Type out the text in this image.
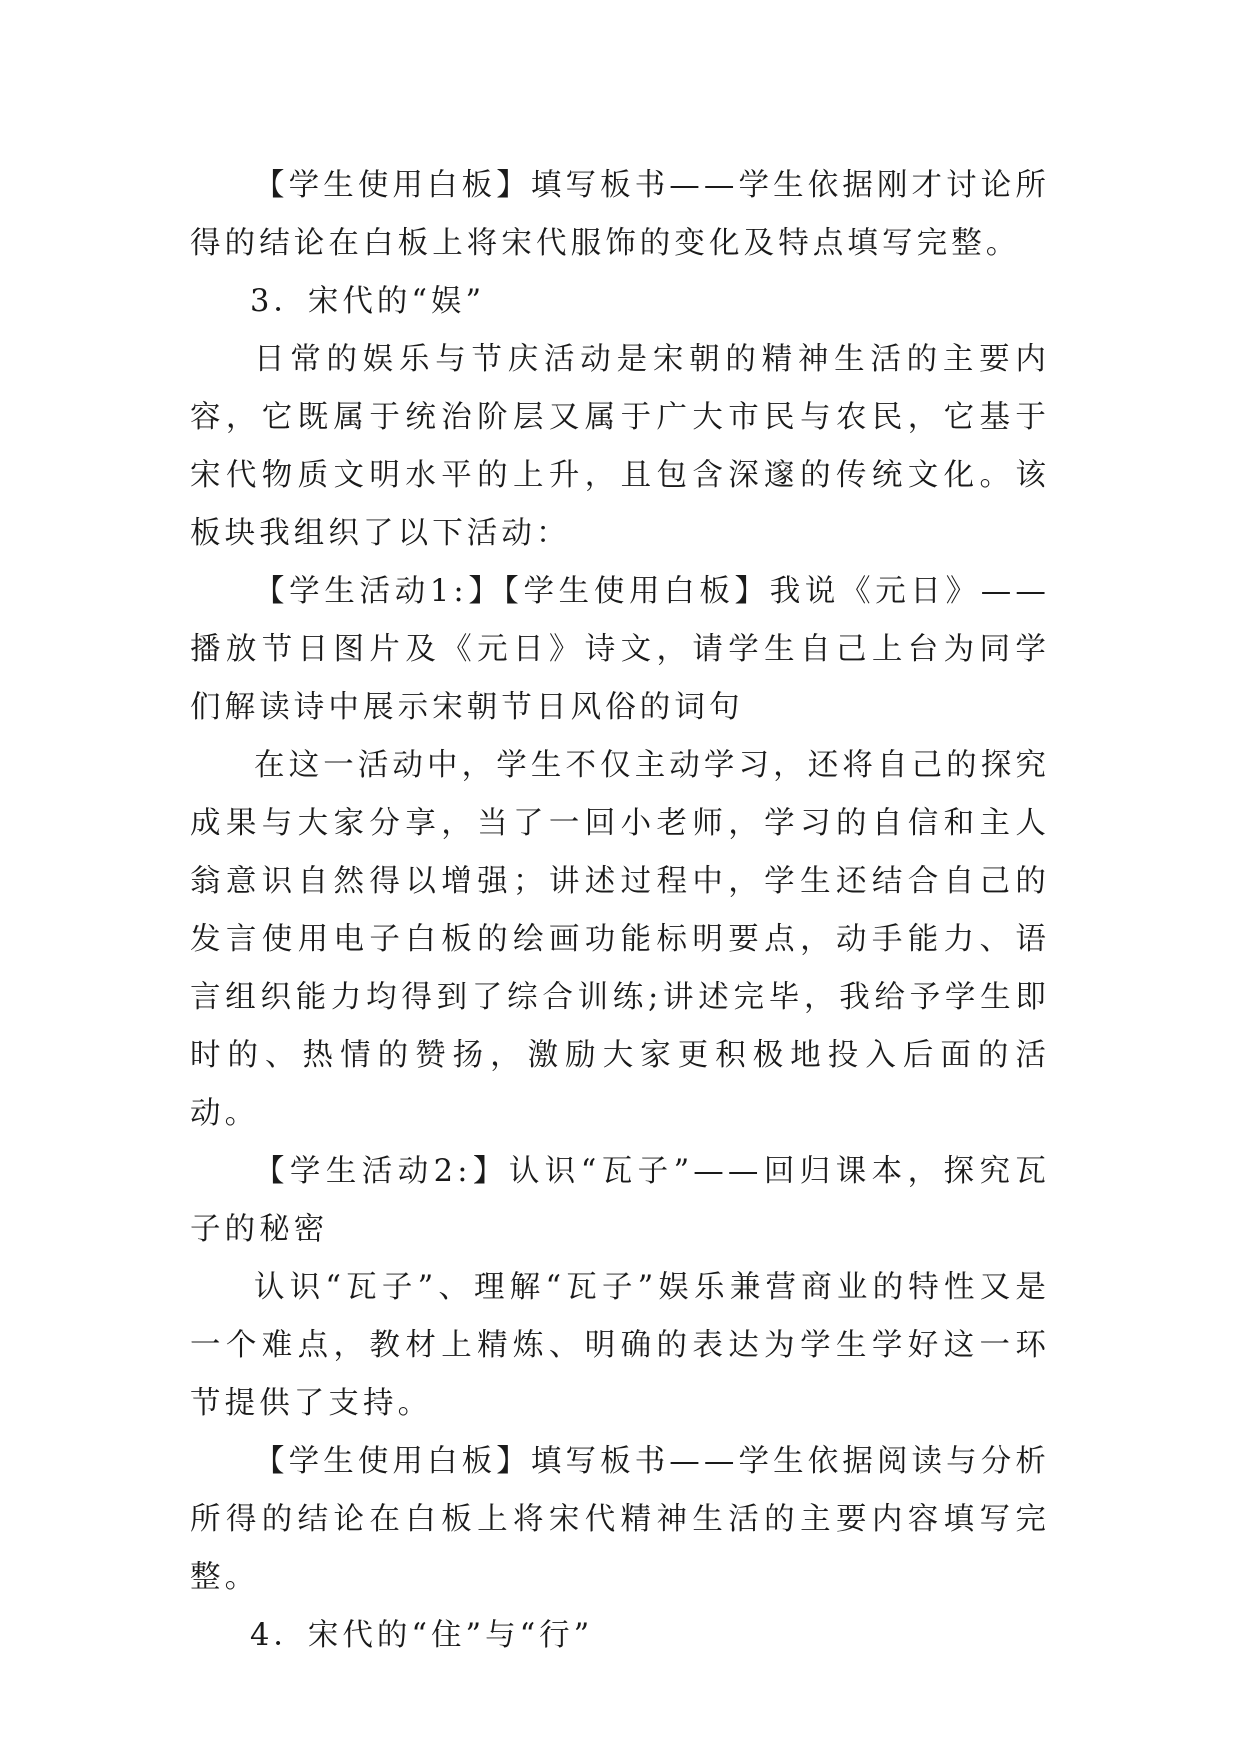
【学生使用白板】填写板书——学生依据刚才讨论所得的结论在白板上将宋代服饰的变化及特点填写完整。

3．宋代的“娱”

日常的娱乐与节庆活动是宋朝的精神生活的主要内容，它既属于统治阶层又属于广大市民与农民，它基于宋代物质文明水平的上升，且包含深邃的传统文化。该板块我组织了以下活动：

【学生活动1:】【学生使用白板】我说《元日》——播放节日图片及《元日》诗文，请学生自己上台为同学们解读诗中展示宋朝节日风俗的词句

在这一活动中，学生不仅主动学习，还将自己的探究成果与大家分享，当了一回小老师，学习的自信和主人翁意识自然得以增强；讲述过程中，学生还结合自己的发言使用电子白板的绘画功能标明要点，动手能力、语言组织能力均得到了综合训练;讲述完毕，我给予学生即时的、热情的赞扬，激励大家更积极地投入后面的活动。

【学生活动2:】认识“瓦子”——回归课本，探究瓦子的秘密

认识“瓦子”、理解“瓦子”娱乐兼营商业的特性又是一个难点，教材上精炼、明确的表达为学生学好这一环节提供了支持。

【学生使用白板】填写板书——学生依据阅读与分析所得的结论在白板上将宋代精神生活的主要内容填写完整。

4．宋代的“住”与“行”
